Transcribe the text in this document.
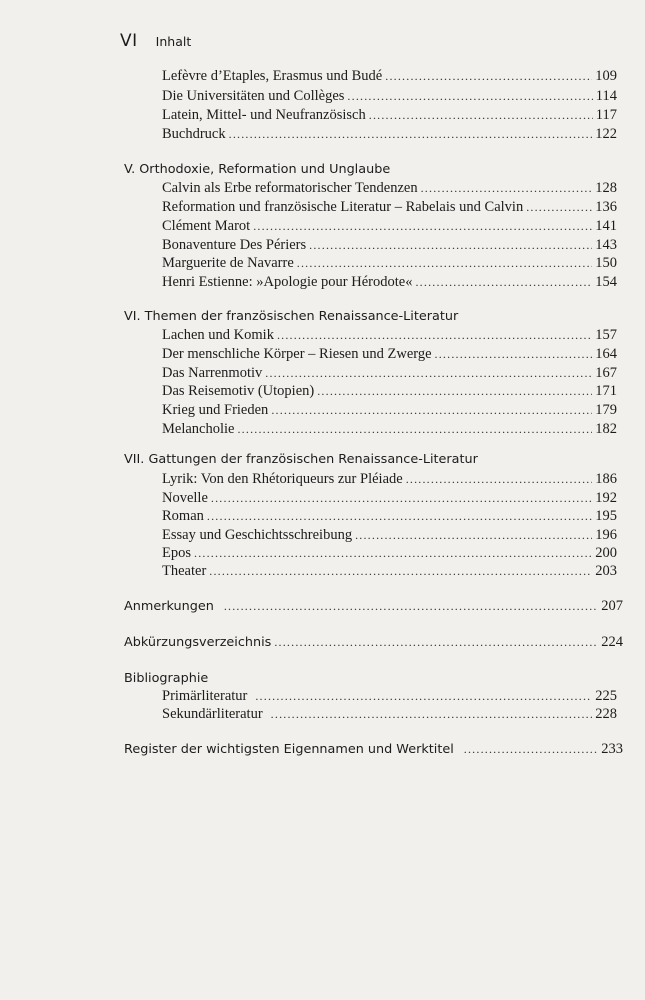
VI Inhalt
Lefèvre d’Etaples, Erasmus und Budé .....	109
Die Universitäten und Collèges .....	114
Latein, Mittel- und Neufranzösisch .....	117
Buchdruck .....	122
V. Orthodoxie, Reformation und Unglaube
Calvin als Erbe reformatorischer Tendenzen .....	128
Reformation und französische Literatur – Rabelais und Calvin .....	136
Clément Marot .....	141
Bonaventure Des Périers .....	143
Marguerite de Navarre .....	150
Henri Estienne: »Apologie pour Hérodote« .....	154
VI. Themen der französischen Renaissance-Literatur
Lachen und Komik .....	157
Der menschliche Körper – Riesen und Zwerge .....	164
Das Narrenmotiv .....	167
Das Reisemotiv (Utopien) .....	171
Krieg und Frieden .....	179
Melancholie .....	182
VII. Gattungen der französischen Renaissance-Literatur
Lyrik: Von den Rhétoriqueurs zur Pléiade .....	186
Novelle .....	192
Roman .....	195
Essay und Geschichtsschreibung .....	196
Epos .....	200
Theater .....	203
Anmerkungen .....	207
Abkürzungsverzeichnis .....	224
Bibliographie
Primärliteratur .....	225
Sekundärliteratur .....	228
Register der wichtigsten Eigennamen und Werktitel .....	233
